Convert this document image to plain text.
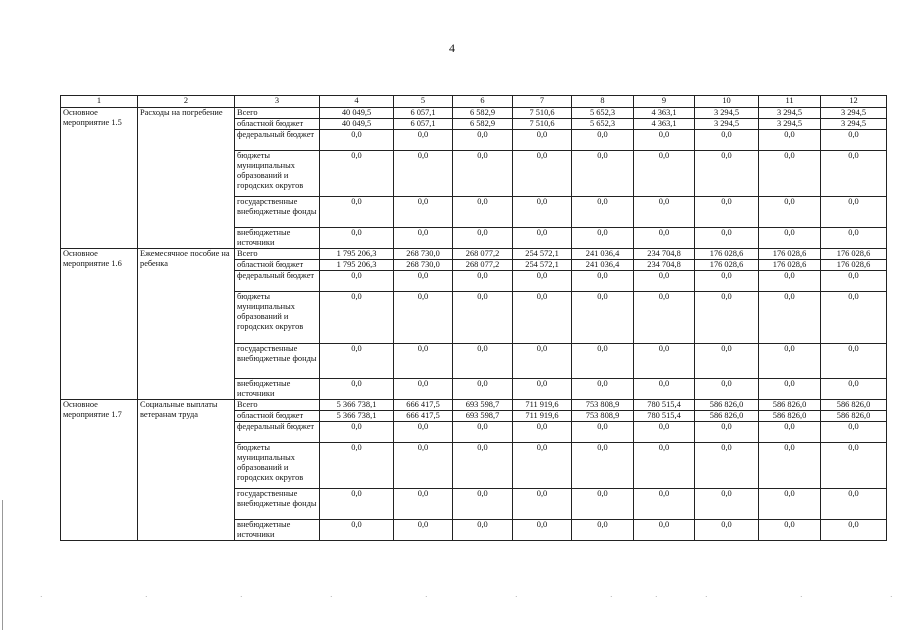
4
1	2	3	4	5	6	7	8	9	10	11	12
Основное мероприятие 1.5	Расходы на погребение	Всего	40 049,5	6 057,1	6 582,9	7 510,6	5 652,3	4 363,1	3 294,5	3 294,5	3 294,5
		областной бюджет	40 049,5	6 057,1	6 582,9	7 510,6	5 652,3	4 363,1	3 294,5	3 294,5	3 294,5
		федеральный бюджет	0,0	0,0	0,0	0,0	0,0	0,0	0,0	0,0	0,0
		бюджеты муниципальных образований и городских округов	0,0	0,0	0,0	0,0	0,0	0,0	0,0	0,0	0,0
		государственные внебюджетные фонды	0,0	0,0	0,0	0,0	0,0	0,0	0,0	0,0	0,0
		внебюджетные источники	0,0	0,0	0,0	0,0	0,0	0,0	0,0	0,0	0,0
Основное мероприятие 1.6	Ежемесячное пособие на ребенка	Всего	1 795 206,3	268 730,0	268 077,2	254 572,1	241 036,4	234 704,8	176 028,6	176 028,6	176 028,6
		областной бюджет	1 795 206,3	268 730,0	268 077,2	254 572,1	241 036,4	234 704,8	176 028,6	176 028,6	176 028,6
		федеральный бюджет	0,0	0,0	0,0	0,0	0,0	0,0	0,0	0,0	0,0
		бюджеты муниципальных образований и городских округов	0,0	0,0	0,0	0,0	0,0	0,0	0,0	0,0	0,0
		государственные внебюджетные фонды	0,0	0,0	0,0	0,0	0,0	0,0	0,0	0,0	0,0
		внебюджетные источники	0,0	0,0	0,0	0,0	0,0	0,0	0,0	0,0	0,0
Основное мероприятие 1.7	Социальные выплаты ветеранам труда	Всего	5 366 738,1	666 417,5	693 598,7	711 919,6	753 808,9	780 515,4	586 826,0	586 826,0	586 826,0
		областной бюджет	5 366 738,1	666 417,5	693 598,7	711 919,6	753 808,9	780 515,4	586 826,0	586 826,0	586 826,0
		федеральный бюджет	0,0	0,0	0,0	0,0	0,0	0,0	0,0	0,0	0,0
		бюджеты муниципальных образований и городских округов	0,0	0,0	0,0	0,0	0,0	0,0	0,0	0,0	0,0
		государственные внебюджетные фонды	0,0	0,0	0,0	0,0	0,0	0,0	0,0	0,0	0,0
		внебюджетные источники	0,0	0,0	0,0	0,0	0,0	0,0	0,0	0,0	0,0
˙	˙	˙	˙	˙	˙	˙	˙	˙	˙	˙
